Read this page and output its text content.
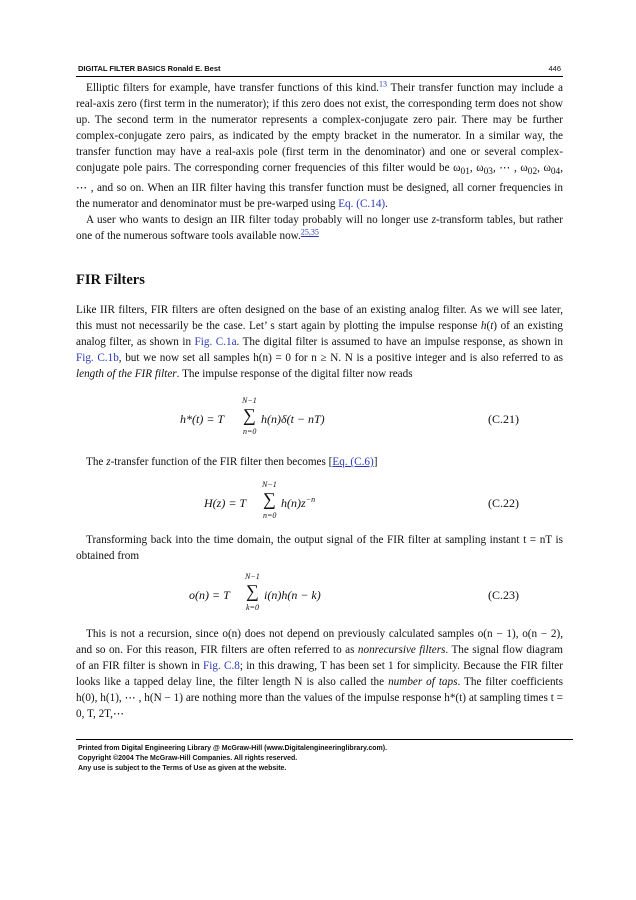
DIGITAL FILTER BASICS Ronald E. Best	446

Elliptic filters for example, have transfer functions of this kind.$^{13}$ Their transfer function may include a real-axis zero (first term in the numerator); if this zero does not exist, the corresponding term does not show up. The second term in the numerator represents a complex-conjugate zero pair. There may be further complex-conjugate zero pairs, as indicated by the empty bracket in the numerator. In a similar way, the transfer function may have a real-axis pole (first term in the denominator) and one or several complex-conjugate pole pairs. The corresponding corner frequencies of this filter would be $\omega_{01}$, $\omega_{03}$, ⋯ , $\omega_{02}$, $\omega_{04}$, ⋯ , and so on. When an IIR filter having this transfer function must be designed, all corner frequencies in the numerator and denominator must be pre-warped using Eq. (C.14).

A user who wants to design an IIR filter today probably will no longer use z-transform tables, but rather one of the numerous software tools available now.$^{25,35}$

FIR Filters
Like IIR filters, FIR filters are often designed on the base of an existing analog filter. As we will see later, this must not necessarily be the case. Let’ s start again by plotting the impulse response h(t) of an existing analog filter, as shown in Fig. C.1a. The digital filter is assumed to have an impulse response, as shown in Fig. C.1b, but we now set all samples h(n) = 0 for n ≥ N. N is a positive integer and is also referred to as length of the FIR filter. The impulse response of the digital filter now reads
h*(t) = T
N−1
∑
n=0
h(n)δ(t − nT)	(C.21)
The z-transfer function of the FIR filter then becomes [Eq. (C.6)]
H(z) = T
N−1
∑
n=0
$h(n)z^{-n}$	(C.22)
Transforming back into the time domain, the output signal of the FIR filter at sampling instant t = nT is obtained from
o(n) = T
N−1
∑
k=0
i(n)h(n − k)	(C.23)
This is not a recursion, since o(n) does not depend on previously calculated samples o(n − 1), o(n − 2), and so on. For this reason, FIR filters are often referred to as nonrecursive filters. The signal flow diagram of an FIR filter is shown in Fig. C.8; in this drawing, T has been set 1 for simplicity. Because the FIR filter looks like a tapped delay line, the filter length N is also called the number of taps. The filter coefficients h(0), h(1), ⋯ , h(N − 1) are nothing more than the values of the impulse response h*(t) at sampling times t = 0, T, 2T,⋯
Printed from Digital Engineering Library @ McGraw-Hill (www.Digitalengineeringlibrary.com).
Copyright ©2004 The McGraw-Hill Companies. All rights reserved.
Any use is subject to the Terms of Use as given at the website.
